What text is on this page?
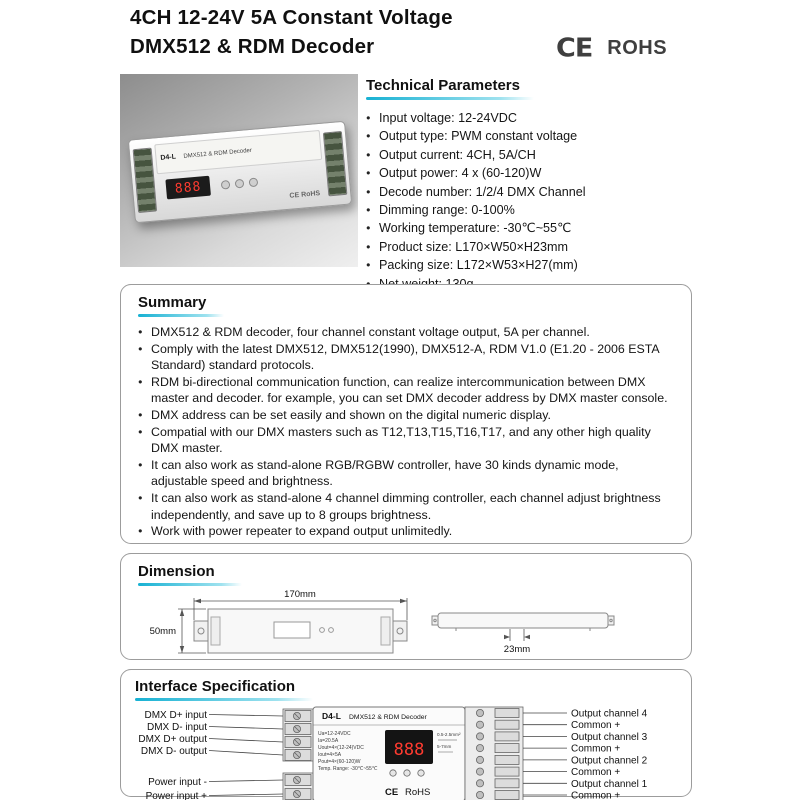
4CH 12-24V 5A Constant Voltage
DMX512 & RDM Decoder	CE ROHS
D4-L DMX512 & RDM Decoder
888	CE RoHS
Technical Parameters
● Input voltage: 12-24VDC
● Output type: PWM constant voltage
● Output current: 4CH, 5A/CH
● Output power: 4 x (60-120)W
● Decode number: 1/2/4 DMX Channel
● Dimming range: 0-100%
● Working temperature: -30℃~55℃
● Product size: L170×W50×H23mm
● Packing size: L172×W53×H27(mm)
●
Summary
● DMX512 & RDM decoder, four channel constant voltage output, 5A per channel.
● Comply with the latest DMX512, DMX512(1990), DMX512-A, RDM V1.0 (E1.20 - 2006 ESTA Standard) standard protocols.
● RDM bi-directional communication function, can realize intercommunication between DMX master and decoder. for example, you can set DMX decoder address by DMX master console.
● DMX address can be set easily and shown on the digital numeric display.
● Compatial with our DMX masters such as T12,T13,T15,T16,T17, and any other high quality DMX master.
● It can also work as stand-alone RGB/RGBW controller, have 30 kinds dynamic mode, adjustable speed and brightness.
● It can also work as stand-alone 4 channel dimming controller, each channel adjust brightness independently, and save up to 8 groups brightness.
● Work with power repeater to expand output unlimitedly.
Dimension
170mm
50mm
23mm
Interface Specification
DMX D+ input
DMX D- input
DMX D+ output
DMX D- output
Power input -
Power input +
D4-L DMX512 & RDM Decoder
Ua=12-24VDC
Ia=20.5A
Uout=4×(12-24)VDC
Iout=4×5A
Pout=4×(60-120)W
Temp. Range: -30℃~55℃
888
0.5-2.5mm²
5-7mm
CE RoHS
Output channel 4
Common +
Output channel 3
Common +
Output channel 2
Common +
Output channel 1
Common +
